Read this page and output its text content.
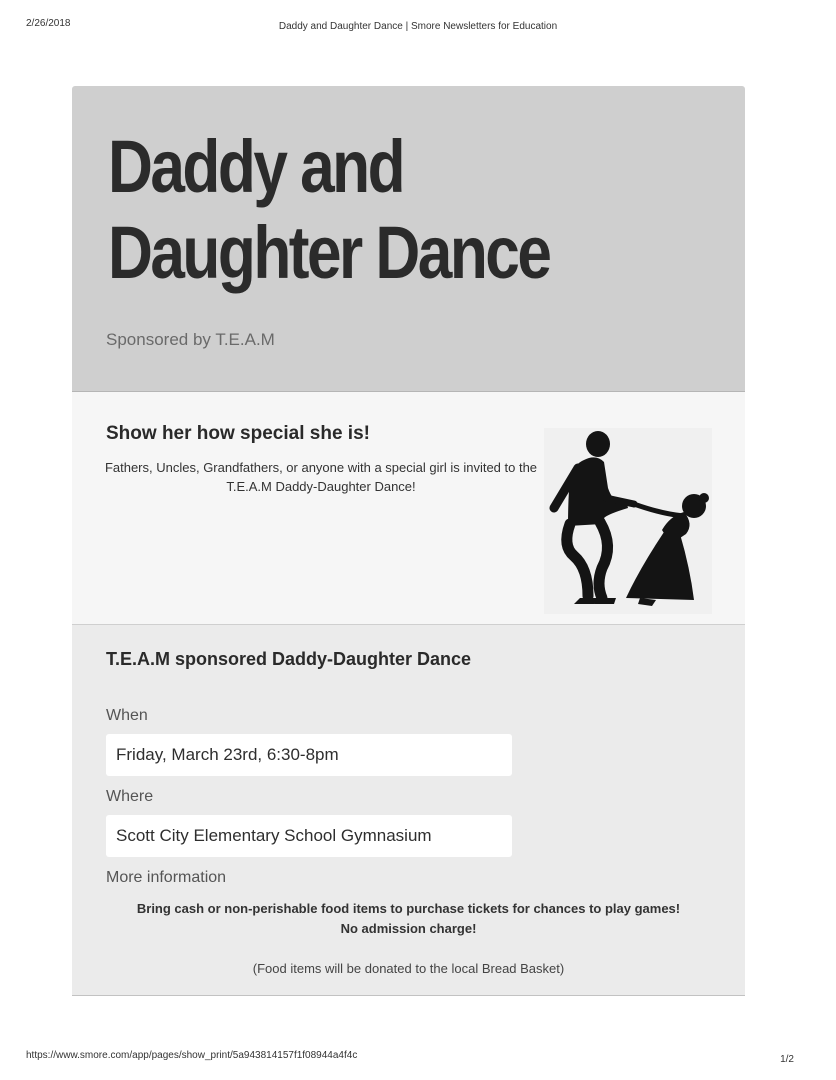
2/26/2018	Daddy and Daughter Dance | Smore Newsletters for Education
Daddy and
Daughter Dance

Sponsored by T.E.A.M

Show her how special she is!

Fathers, Uncles, Grandfathers, or anyone with a special girl is invited to the T.E.A.M Daddy-Daughter Dance!

T.E.A.M sponsored Daddy-Daughter Dance

When

Friday, March 23rd, 6:30-8pm

Where

Scott City Elementary School Gymnasium

More information

Bring cash or non-perishable food items to purchase tickets for chances to play games!

No admission charge!

(Food items will be donated to the local Bread Basket)

https://www.smore.com/app/pages/show_print/5a943814157f1f08944a4f4c	1/2
